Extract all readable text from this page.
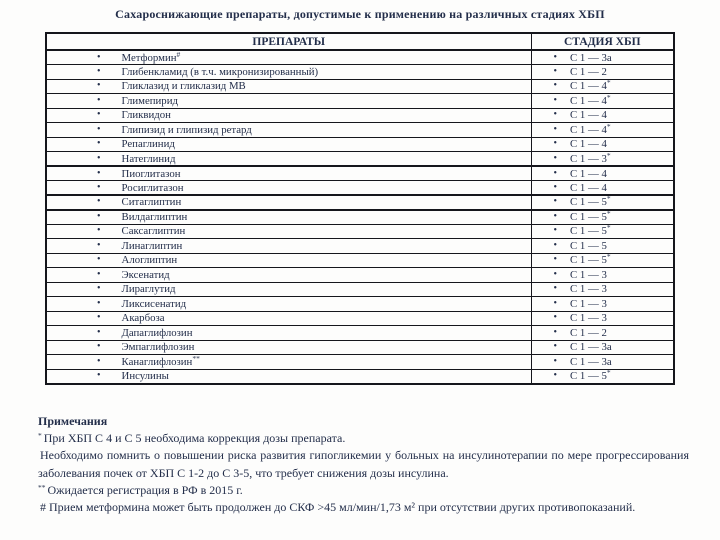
Сахароснижающие препараты, допустимые к применению на различных стадиях ХБП
ПРЕПАРАТЫ	СТАДИЯ ХБП
• Метформин#	• С 1 — 3а
• Глибенкламид (в т.ч. микронизированный)	• С 1 — 2
• Гликлазид и гликлазид МВ	• С 1 — 4*
• Глимепирид	• С 1 — 4*
• Гликвидон	• С 1 — 4
• Глипизид и глипизид ретард	• С 1 — 4*
• Репаглинид	• С 1 — 4
• Натеглинид	• С 1 — 3*
• Пиоглитазон	• С 1 — 4
• Росиглитазон	• С 1 — 4
• Ситаглиптин	• С 1 — 5*
• Вилдаглиптин	• С 1 — 5*
• Саксаглиптин	• С 1 — 5*
• Линаглиптин	• С 1 — 5
• Алоглиптин	• С 1 — 5*
• Эксенатид	• С 1 — 3
• Лираглутид	• С 1 — 3
• Ликсисенатид	• С 1 — 3
• Акарбоза	• С 1 — 3
• Дапаглифлозин	• С 1 — 2
• Эмпаглифлозин	• С 1 — 3а
• Канаглифлозин**	• С 1 — 3а
• Инсулины	• С 1 — 5*
Примечания

* При ХБП С 4 и С 5 необходима коррекция дозы препарата.

Необходимо помнить о повышении риска развития гипогликемии у больных на инсулинотерапии по мере прогрессирования заболевания почек от ХБП С 1-2 до С 3-5, что требует снижения дозы инсулина.

** Ожидается регистрация в РФ в 2015 г.

# Прием метформина может быть продолжен до СКФ >45 мл/мин/1,73 м² при отсутствии других противопоказаний.
